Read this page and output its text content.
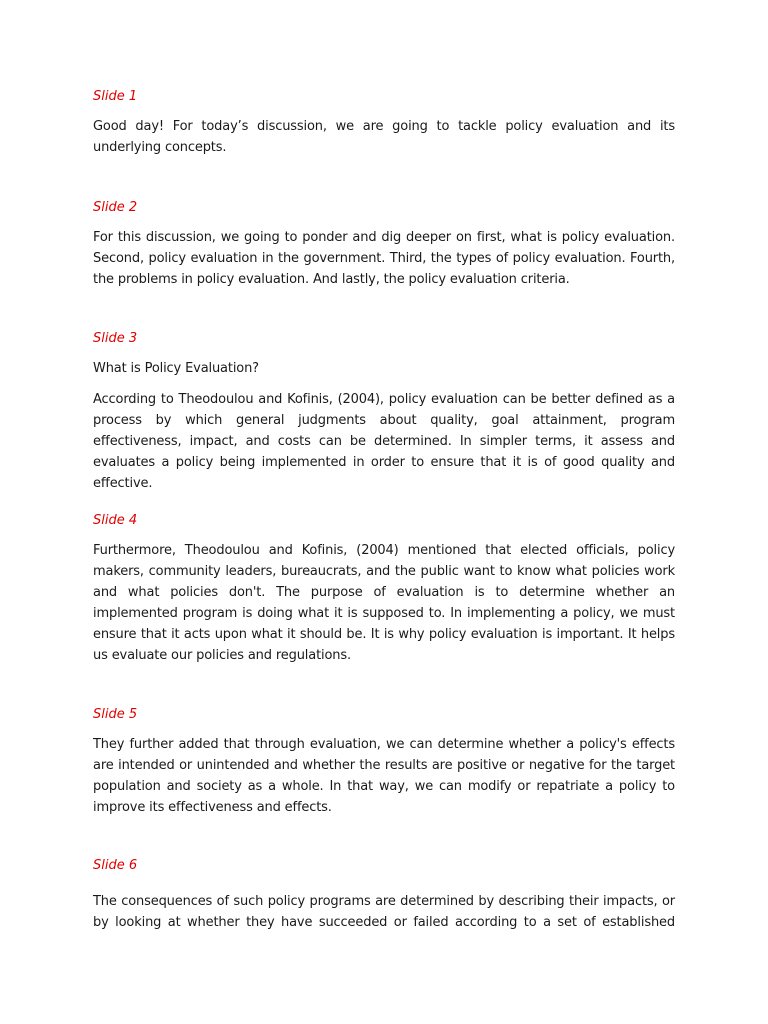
Slide 1

Good day! For today’s discussion, we are going to tackle policy evaluation and its underlying concepts.

Slide 2

For this discussion, we going to ponder and dig deeper on first, what is policy evaluation. Second, policy evaluation in the government. Third, the types of policy evaluation. Fourth, the problems in policy evaluation. And lastly, the policy evaluation criteria.

Slide 3

What is Policy Evaluation?

According to Theodoulou and Kofinis, (2004), policy evaluation can be better defined as a process by which general judgments about quality, goal attainment, program effectiveness, impact, and costs can be determined. In simpler terms, it assess and evaluates a policy being implemented in order to ensure that it is of good quality and effective.

Slide 4

Furthermore, Theodoulou and Kofinis, (2004) mentioned that elected officials, policy makers, community leaders, bureaucrats, and the public want to know what policies work and what policies don't. The purpose of evaluation is to determine whether an implemented program is doing what it is supposed to. In implementing a policy, we must ensure that it acts upon what it should be. It is why policy evaluation is important. It helps us evaluate our policies and regulations.

Slide 5

They further added that through evaluation, we can determine whether a policy's effects are intended or unintended and whether the results are positive or negative for the target population and society as a whole. In that way, we can modify or repatriate a policy to improve its effectiveness and effects.

Slide 6

The consequences of such policy programs are determined by describing their impacts, or by looking at whether they have succeeded or failed according to a set of established
